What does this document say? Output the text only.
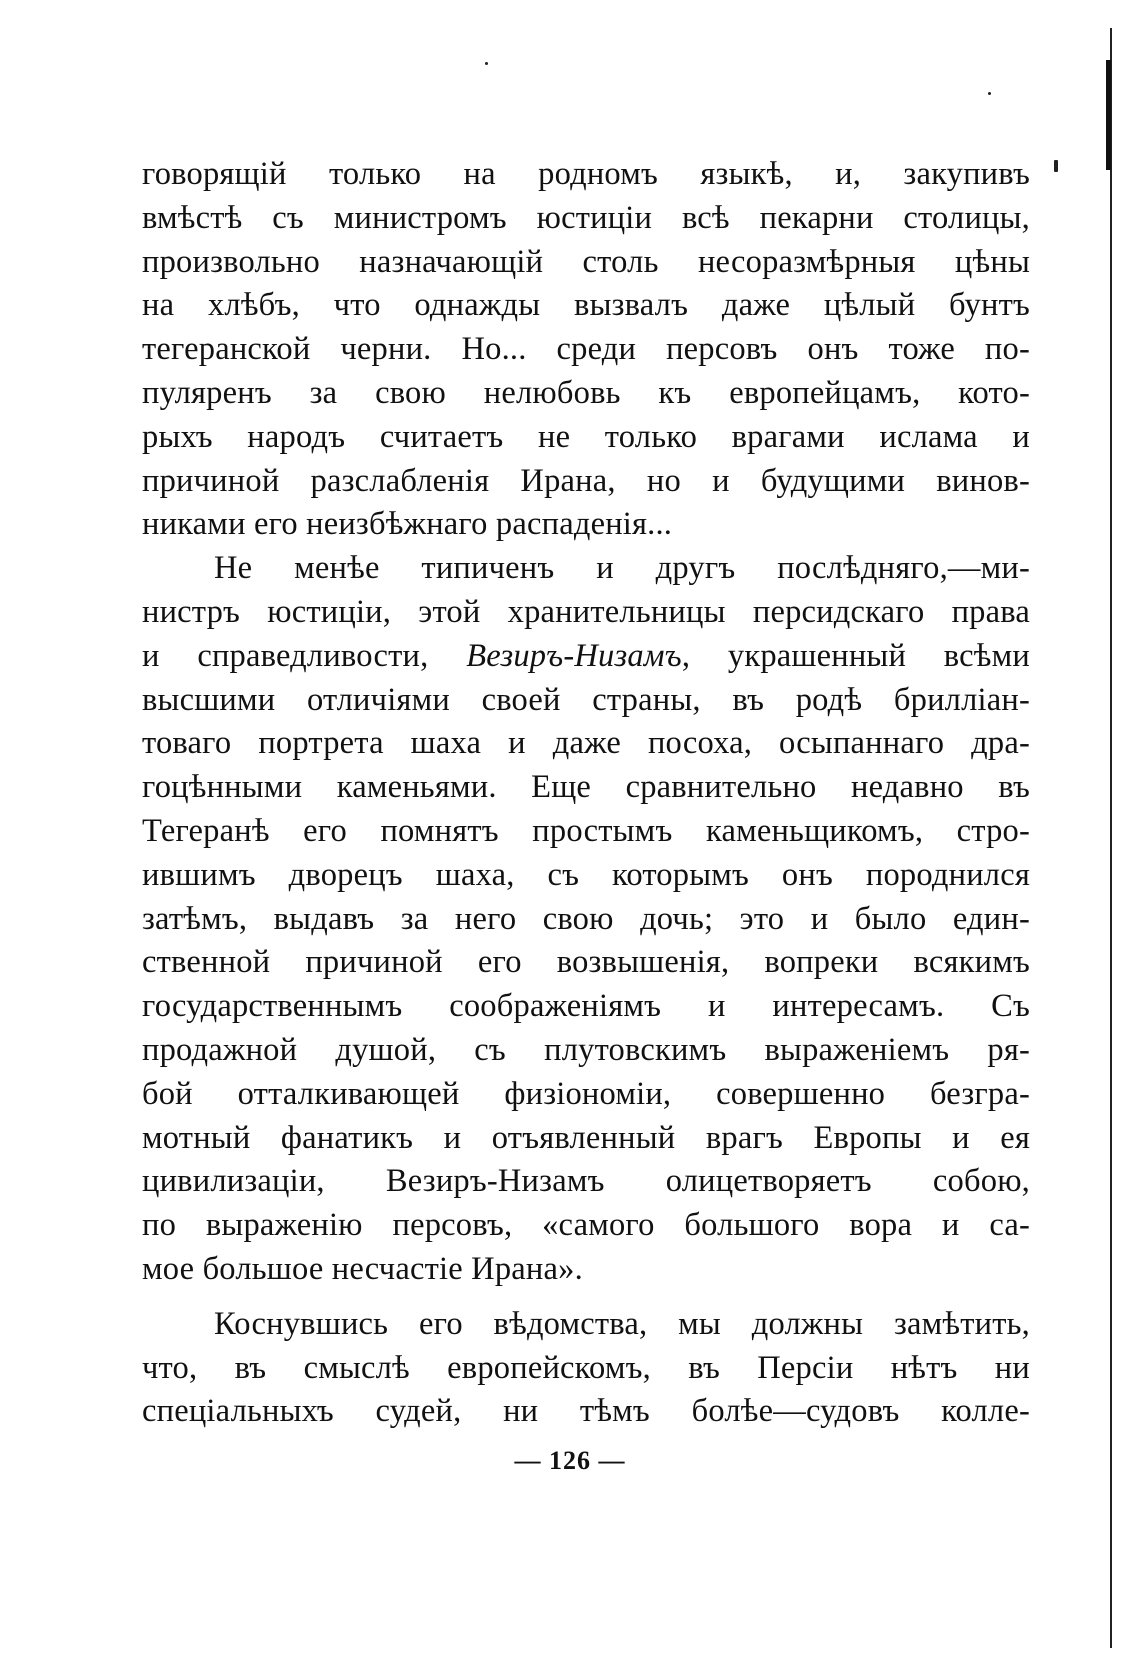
говорящій только на родномъ языкѣ, и, закупивъ
вмѣстѣ съ министромъ юстиціи всѣ пекарни столицы,
произвольно назначающій столь несоразмѣрныя цѣны
на хлѣбъ, что однажды вызвалъ даже цѣлый бунтъ
тегеранской черни. Но... среди персовъ онъ тоже по-
пуляренъ за свою нелюбовь къ европейцамъ, кото-
рыхъ народъ считаетъ не только врагами ислама и
причиной разслабленія Ирана, но и будущими винов-
никами его неизбѣжнаго распаденія...
Не менѣе типиченъ и другъ послѣдняго,—ми-
нистръ юстиціи, этой хранительницы персидскаго права
и справедливости, Везиръ-Низамъ, украшенный всѣми
высшими отличіями своей страны, въ родѣ брилліан-
товаго портрета шаха и даже посоха, осыпаннаго дра-
гоцѣнными каменьями. Еще сравнительно недавно въ
Тегеранѣ его помнятъ простымъ каменьщикомъ, стро-
ившимъ дворецъ шаха, съ которымъ онъ породнился
затѣмъ, выдавъ за него свою дочь; это и было един-
ственной причиной его возвышенія, вопреки всякимъ
государственнымъ соображеніямъ и интересамъ. Съ
продажной душой, съ плутовскимъ выраженіемъ ря-
бой отталкивающей физіономіи, совершенно безгра-
мотный фанатикъ и отъявленный врагъ Европы и ея
цивилизаціи, Везиръ-Низамъ олицетворяетъ собою,
по выраженію персовъ, «самого большого вора и са-
мое большое несчастіе Ирана».
Коснувшись его вѣдомства, мы должны замѣтить,
что, въ смыслѣ европейскомъ, въ Персіи нѣтъ ни
спеціальныхъ судей, ни тѣмъ болѣе—судовъ колле-
— 126 —
